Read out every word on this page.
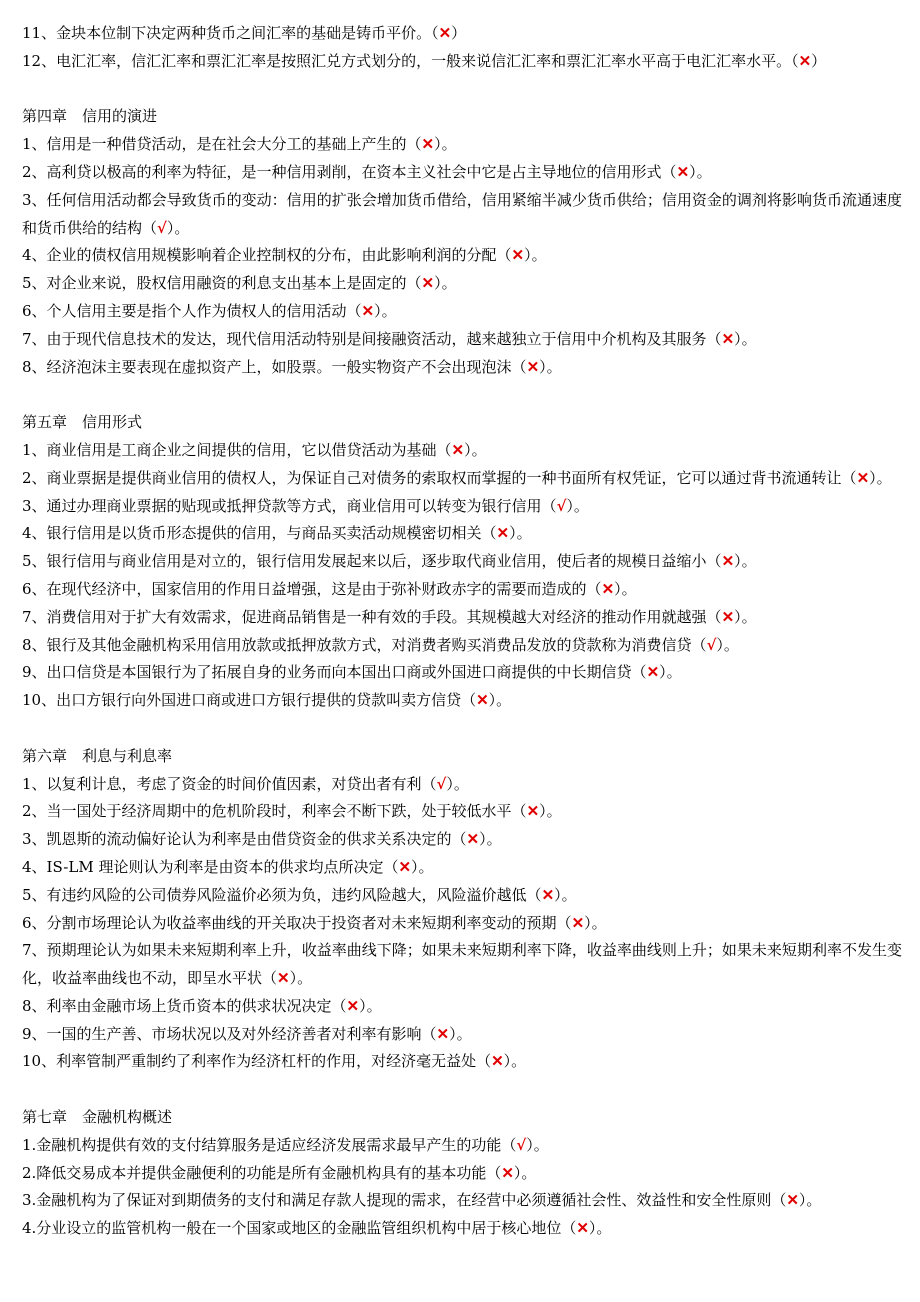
11、金块本位制下决定两种货币之间汇率的基础是铸币平价。（✕）

12、电汇汇率，信汇汇率和票汇汇率是按照汇兑方式划分的，一般来说信汇汇率和票汇汇率水平高于电汇汇率水平。（✕）

第四章　信用的演进

1、信用是一种借贷活动，是在社会大分工的基础上产生的（✕）。

2、高利贷以极高的利率为特征，是一种信用剥削，在资本主义社会中它是占主导地位的信用形式（✕）。

3、任何信用活动都会导致货币的变动：信用的扩张会增加货币借给，信用紧缩半减少货币供给；信用资金的调剂将影响货币流通速度和货币供给的结构（√）。

4、企业的债权信用规模影响着企业控制权的分布，由此影响利润的分配（✕）。

5、对企业来说，股权信用融资的利息支出基本上是固定的（✕）。

6、个人信用主要是指个人作为债权人的信用活动（✕）。

7、由于现代信息技术的发达，现代信用活动特别是间接融资活动，越来越独立于信用中介机构及其服务（✕）。

8、经济泡沫主要表现在虚拟资产上，如股票。一般实物资产不会出现泡沫（✕）。

第五章　信用形式

1、商业信用是工商企业之间提供的信用，它以借贷活动为基础（✕）。

2、商业票据是提供商业信用的债权人，为保证自己对债务的索取权而掌握的一种书面所有权凭证，它可以通过背书流通转让（✕）。

3、通过办理商业票据的贴现或抵押贷款等方式，商业信用可以转变为银行信用（√）。

4、银行信用是以货币形态提供的信用，与商品买卖活动规模密切相关（✕）。

5、银行信用与商业信用是对立的，银行信用发展起来以后，逐步取代商业信用，使后者的规模日益缩小（✕）。

6、在现代经济中，国家信用的作用日益增强，这是由于弥补财政赤字的需要而造成的（✕）。

7、消费信用对于扩大有效需求，促进商品销售是一种有效的手段。其规模越大对经济的推动作用就越强（✕）。

8、银行及其他金融机构采用信用放款或抵押放款方式，对消费者购买消费品发放的贷款称为消费信贷（√）。

9、出口信贷是本国银行为了拓展自身的业务而向本国出口商或外国进口商提供的中长期信贷（✕）。

10、出口方银行向外国进口商或进口方银行提供的贷款叫卖方信贷（✕）。

第六章　利息与利息率

1、以复利计息，考虑了资金的时间价值因素，对贷出者有利（√）。

2、当一国处于经济周期中的危机阶段时，利率会不断下跌，处于较低水平（✕）。

3、凯恩斯的流动偏好论认为利率是由借贷资金的供求关系决定的（✕）。

4、IS-LM 理论则认为利率是由资本的供求均点所决定（✕）。

5、有违约风险的公司债券风险溢价必须为负，违约风险越大，风险溢价越低（✕）。

6、分割市场理论认为收益率曲线的开关取决于投资者对未来短期利率变动的预期（✕）。

7、预期理论认为如果未来短期利率上升，收益率曲线下降；如果未来短期利率下降，收益率曲线则上升；如果未来短期利率不发生变化，收益率曲线也不动，即呈水平状（✕）。

8、利率由金融市场上货币资本的供求状况决定（✕）。

9、一国的生产善、市场状况以及对外经济善者对利率有影响（✕）。

10、利率管制严重制约了利率作为经济杠杆的作用，对经济毫无益处（✕）。

第七章　金融机构概述

1.金融机构提供有效的支付结算服务是适应经济发展需求最早产生的功能（√）。

2.降低交易成本并提供金融便利的功能是所有金融机构具有的基本功能（✕）。

3.金融机构为了保证对到期债务的支付和满足存款人提现的需求，在经营中必须遵循社会性、效益性和安全性原则（✕）。

4.分业设立的监管机构一般在一个国家或地区的金融监管组织机构中居于核心地位（✕）。
